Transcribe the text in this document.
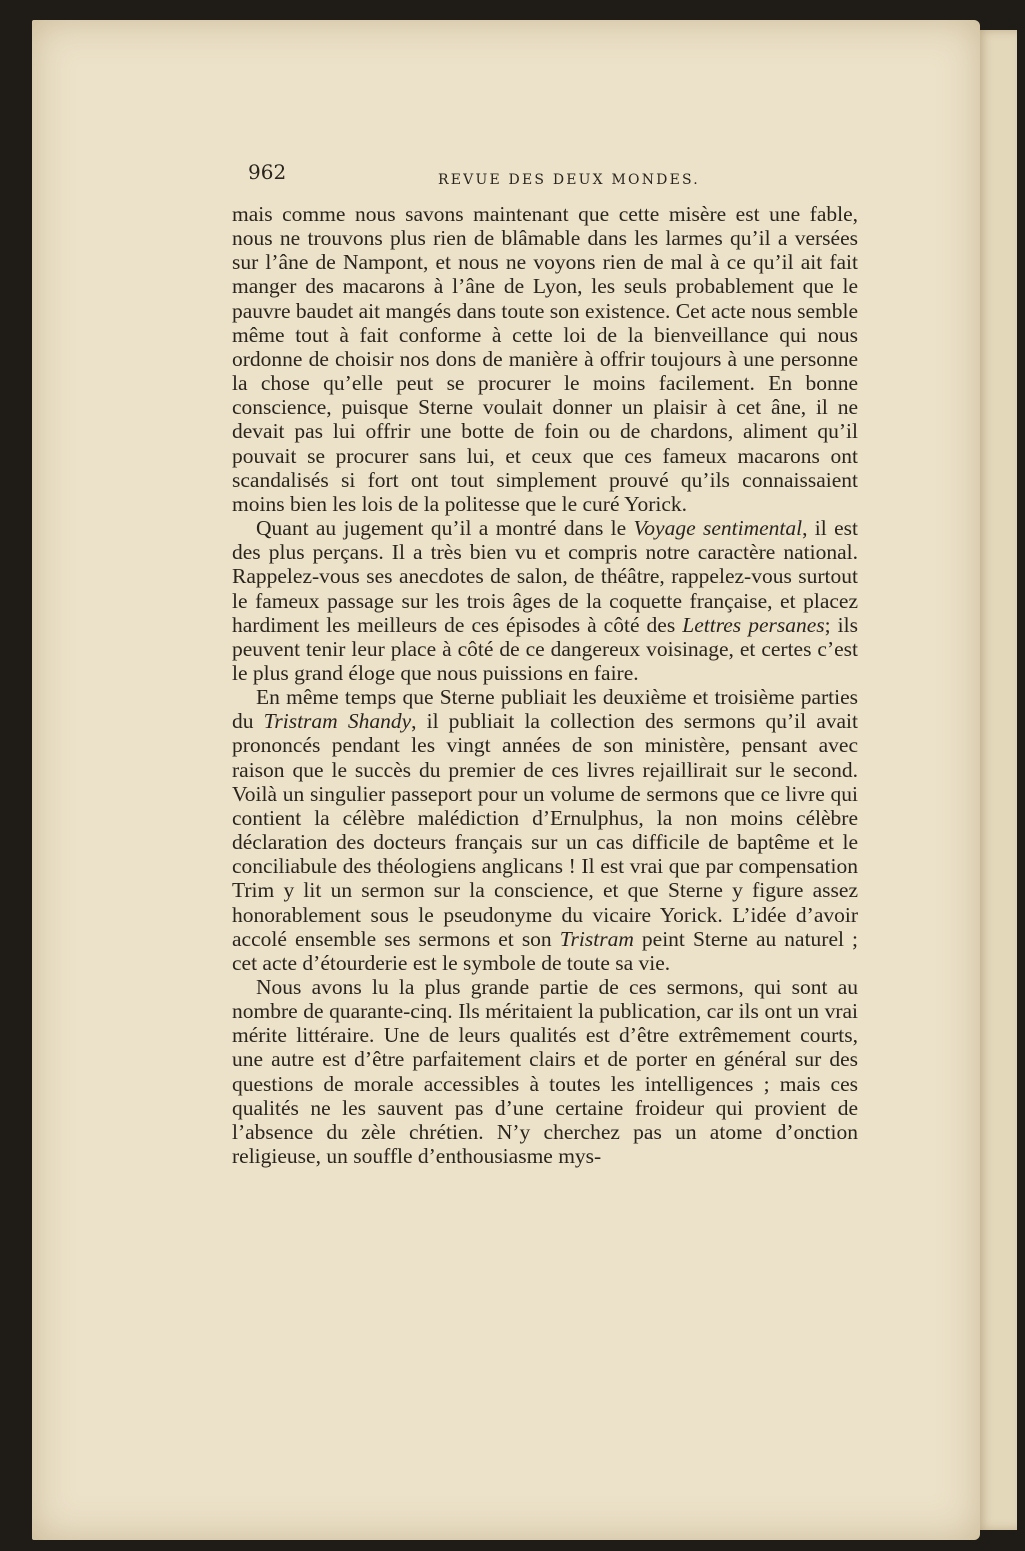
962	REVUE DES DEUX MONDES.

mais comme nous savons maintenant que cette misère est une fable, nous ne trouvons plus rien de blâmable dans les larmes qu’il a versées sur l’âne de Nampont, et nous ne voyons rien de mal à ce qu’il ait fait manger des macarons à l’âne de Lyon, les seuls probablement que le pauvre baudet ait mangés dans toute son existence. Cet acte nous semble même tout à fait conforme à cette loi de la bienveillance qui nous ordonne de choisir nos dons de manière à offrir toujours à une personne la chose qu’elle peut se procurer le moins facilement. En bonne conscience, puisque Sterne voulait donner un plaisir à cet âne, il ne devait pas lui offrir une botte de foin ou de chardons, aliment qu’il pouvait se procurer sans lui, et ceux que ces fameux macarons ont scandalisés si fort ont tout simplement prouvé qu’ils connaissaient moins bien les lois de la politesse que le curé Yorick.

Quant au jugement qu’il a montré dans le Voyage sentimental, il est des plus perçans. Il a très bien vu et compris notre caractère national. Rappelez-vous ses anecdotes de salon, de théâtre, rappelez-vous surtout le fameux passage sur les trois âges de la coquette française, et placez hardiment les meilleurs de ces épisodes à côté des Lettres persanes; ils peuvent tenir leur place à côté de ce dangereux voisinage, et certes c’est le plus grand éloge que nous puissions en faire.

En même temps que Sterne publiait les deuxième et troisième parties du Tristram Shandy, il publiait la collection des sermons qu’il avait prononcés pendant les vingt années de son ministère, pensant avec raison que le succès du premier de ces livres rejaillirait sur le second. Voilà un singulier passeport pour un volume de sermons que ce livre qui contient la célèbre malédiction d’Ernulphus, la non moins célèbre déclaration des docteurs français sur un cas difficile de baptême et le conciliabule des théologiens anglicans ! Il est vrai que par compensation Trim y lit un sermon sur la conscience, et que Sterne y figure assez honorablement sous le pseudonyme du vicaire Yorick. L’idée d’avoir accolé ensemble ses sermons et son Tristram peint Sterne au naturel ; cet acte d’étourderie est le symbole de toute sa vie.

Nous avons lu la plus grande partie de ces sermons, qui sont au nombre de quarante-cinq. Ils méritaient la publication, car ils ont un vrai mérite littéraire. Une de leurs qualités est d’être extrêmement courts, une autre est d’être parfaitement clairs et de porter en général sur des questions de morale accessibles à toutes les intelligences ; mais ces qualités ne les sauvent pas d’une certaine froideur qui provient de l’absence du zèle chrétien. N’y cherchez pas un atome d’onction religieuse, un souffle d’enthousiasme mys-
